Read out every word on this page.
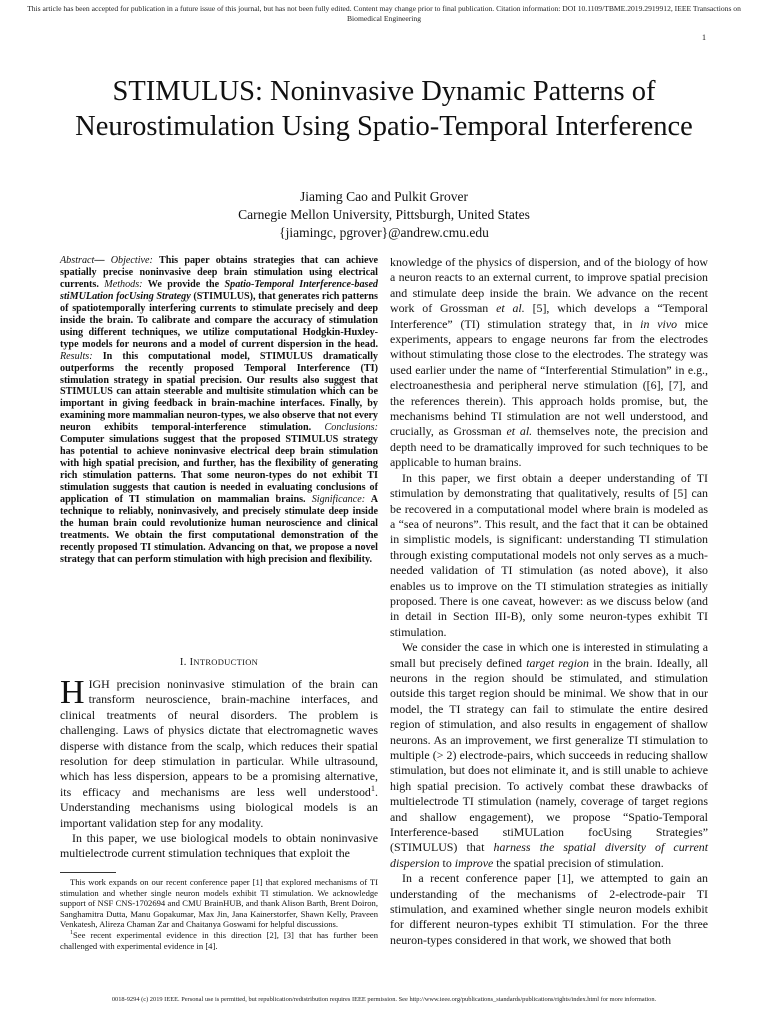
This article has been accepted for publication in a future issue of this journal, but has not been fully edited. Content may change prior to final publication. Citation information: DOI 10.1109/TBME.2019.2919912, IEEE Transactions on Biomedical Engineering
1
STIMULUS: Noninvasive Dynamic Patterns of Neurostimulation Using Spatio-Temporal Interference
Jiaming Cao and Pulkit Grover
Carnegie Mellon University, Pittsburgh, United States
{jiamingc, pgrover}@andrew.cmu.edu
Abstract— Objective: This paper obtains strategies that can achieve spatially precise noninvasive deep brain stimulation using electrical currents. Methods: We provide the Spatio-Temporal Interference-based stiMULation focUsing Strategy (STIMULUS), that generates rich patterns of spatiotemporally interfering currents to stimulate precisely and deep inside the brain. To calibrate and compare the accuracy of stimulation using different techniques, we utilize computational Hodgkin-Huxley-type models for neurons and a model of current dispersion in the head. Results: In this computational model, STIMULUS dramatically outperforms the recently proposed Temporal Interference (TI) stimulation strategy in spatial precision. Our results also suggest that STIMULUS can attain steerable and multisite stimulation which can be important in giving feedback in brain-machine interfaces. Finally, by examining more mammalian neuron-types, we also observe that not every neuron exhibits temporal-interference stimulation. Conclusions: Computer simulations suggest that the proposed STIMULUS strategy has potential to achieve noninvasive electrical deep brain stimulation with high spatial precision, and further, has the flexibility of generating rich stimulation patterns. That some neuron-types do not exhibit TI stimulation suggests that caution is needed in evaluating conclusions of application of TI stimulation on mammalian brains. Significance: A technique to reliably, noninvasively, and precisely stimulate deep inside the human brain could revolutionize human neuroscience and clinical treatments. We obtain the first computational demonstration of the recently proposed TI stimulation. Advancing on that, we propose a novel strategy that can perform stimulation with high precision and flexibility.
I. INTRODUCTION

HIGH precision noninvasive stimulation of the brain can transform neuroscience, brain-machine interfaces, and clinical treatments of neural disorders. The problem is challenging. Laws of physics dictate that electromagnetic waves disperse with distance from the scalp, which reduces their spatial resolution for deep stimulation in particular. While ultrasound, which has less dispersion, appears to be a promising alternative, its efficacy and mechanisms are less well understood$^1$. Understanding mechanisms using biological models is an important validation step for any modality.

In this paper, we use biological models to obtain noninvasive multielectrode current stimulation techniques that exploit the

This work expands on our recent conference paper [1] that explored mechanisms of TI stimulation and whether single neuron models exhibit TI stimulation. We acknowledge support of NSF CNS-1702694 and CMU BrainHUB, and thank Alison Barth, Brent Doiron, Sanghamitra Dutta, Manu Gopakumar, Max Jin, Jana Kainerstorfer, Shawn Kelly, Praveen Venkatesh, Alireza Chaman Zar and Chaitanya Goswami for helpful discussions.

$^1$See recent experimental evidence in this direction [2], [3] that has further been challenged with experimental evidence in [4].

knowledge of the physics of dispersion, and of the biology of how a neuron reacts to an external current, to improve spatial precision and stimulate deep inside the brain. We advance on the recent work of Grossman et al. [5], which develops a “Temporal Interference” (TI) stimulation strategy that, in in vivo mice experiments, appears to engage neurons far from the electrodes without stimulating those close to the electrodes. The strategy was used earlier under the name of “Interferential Stimulation” in e.g., electroanesthesia and peripheral nerve stimulation ([6], [7], and the references therein). This approach holds promise, but, the mechanisms behind TI stimulation are not well understood, and crucially, as Grossman et al. themselves note, the precision and depth need to be dramatically improved for such techniques to be applicable to human brains.

In this paper, we first obtain a deeper understanding of TI stimulation by demonstrating that qualitatively, results of [5] can be recovered in a computational model where brain is modeled as a “sea of neurons”. This result, and the fact that it can be obtained in simplistic models, is significant: understanding TI stimulation through existing computational models not only serves as a much-needed validation of TI stimulation (as noted above), it also enables us to improve on the TI stimulation strategies as initially proposed. There is one caveat, however: as we discuss below (and in detail in Section III-B), only some neuron-types exhibit TI stimulation.

We consider the case in which one is interested in stimulating a small but precisely defined target region in the brain. Ideally, all neurons in the region should be stimulated, and stimulation outside this target region should be minimal. We show that in our model, the TI strategy can fail to stimulate the entire desired region of stimulation, and also results in engagement of shallow neurons. As an improvement, we first generalize TI stimulation to multiple (> 2) electrode-pairs, which succeeds in reducing shallow stimulation, but does not eliminate it, and is still unable to achieve high spatial precision. To actively combat these drawbacks of multielectrode TI stimulation (namely, coverage of target regions and shallow engagement), we propose “Spatio-Temporal Interference-based stiMULation focUsing Strategies” (STIMULUS) that harness the spatial diversity of current dispersion to improve the spatial precision of stimulation.

In a recent conference paper [1], we attempted to gain an understanding of the mechanisms of 2-electrode-pair TI stimulation, and examined whether single neuron models exhibit for different neuron-types exhibit TI stimulation. For the three neuron-types considered in that work, we showed that both

0018-9294 (c) 2019 IEEE. Personal use is permitted, but republication/redistribution requires IEEE permission. See http://www.ieee.org/publications_standards/publications/rights/index.html for more information.
